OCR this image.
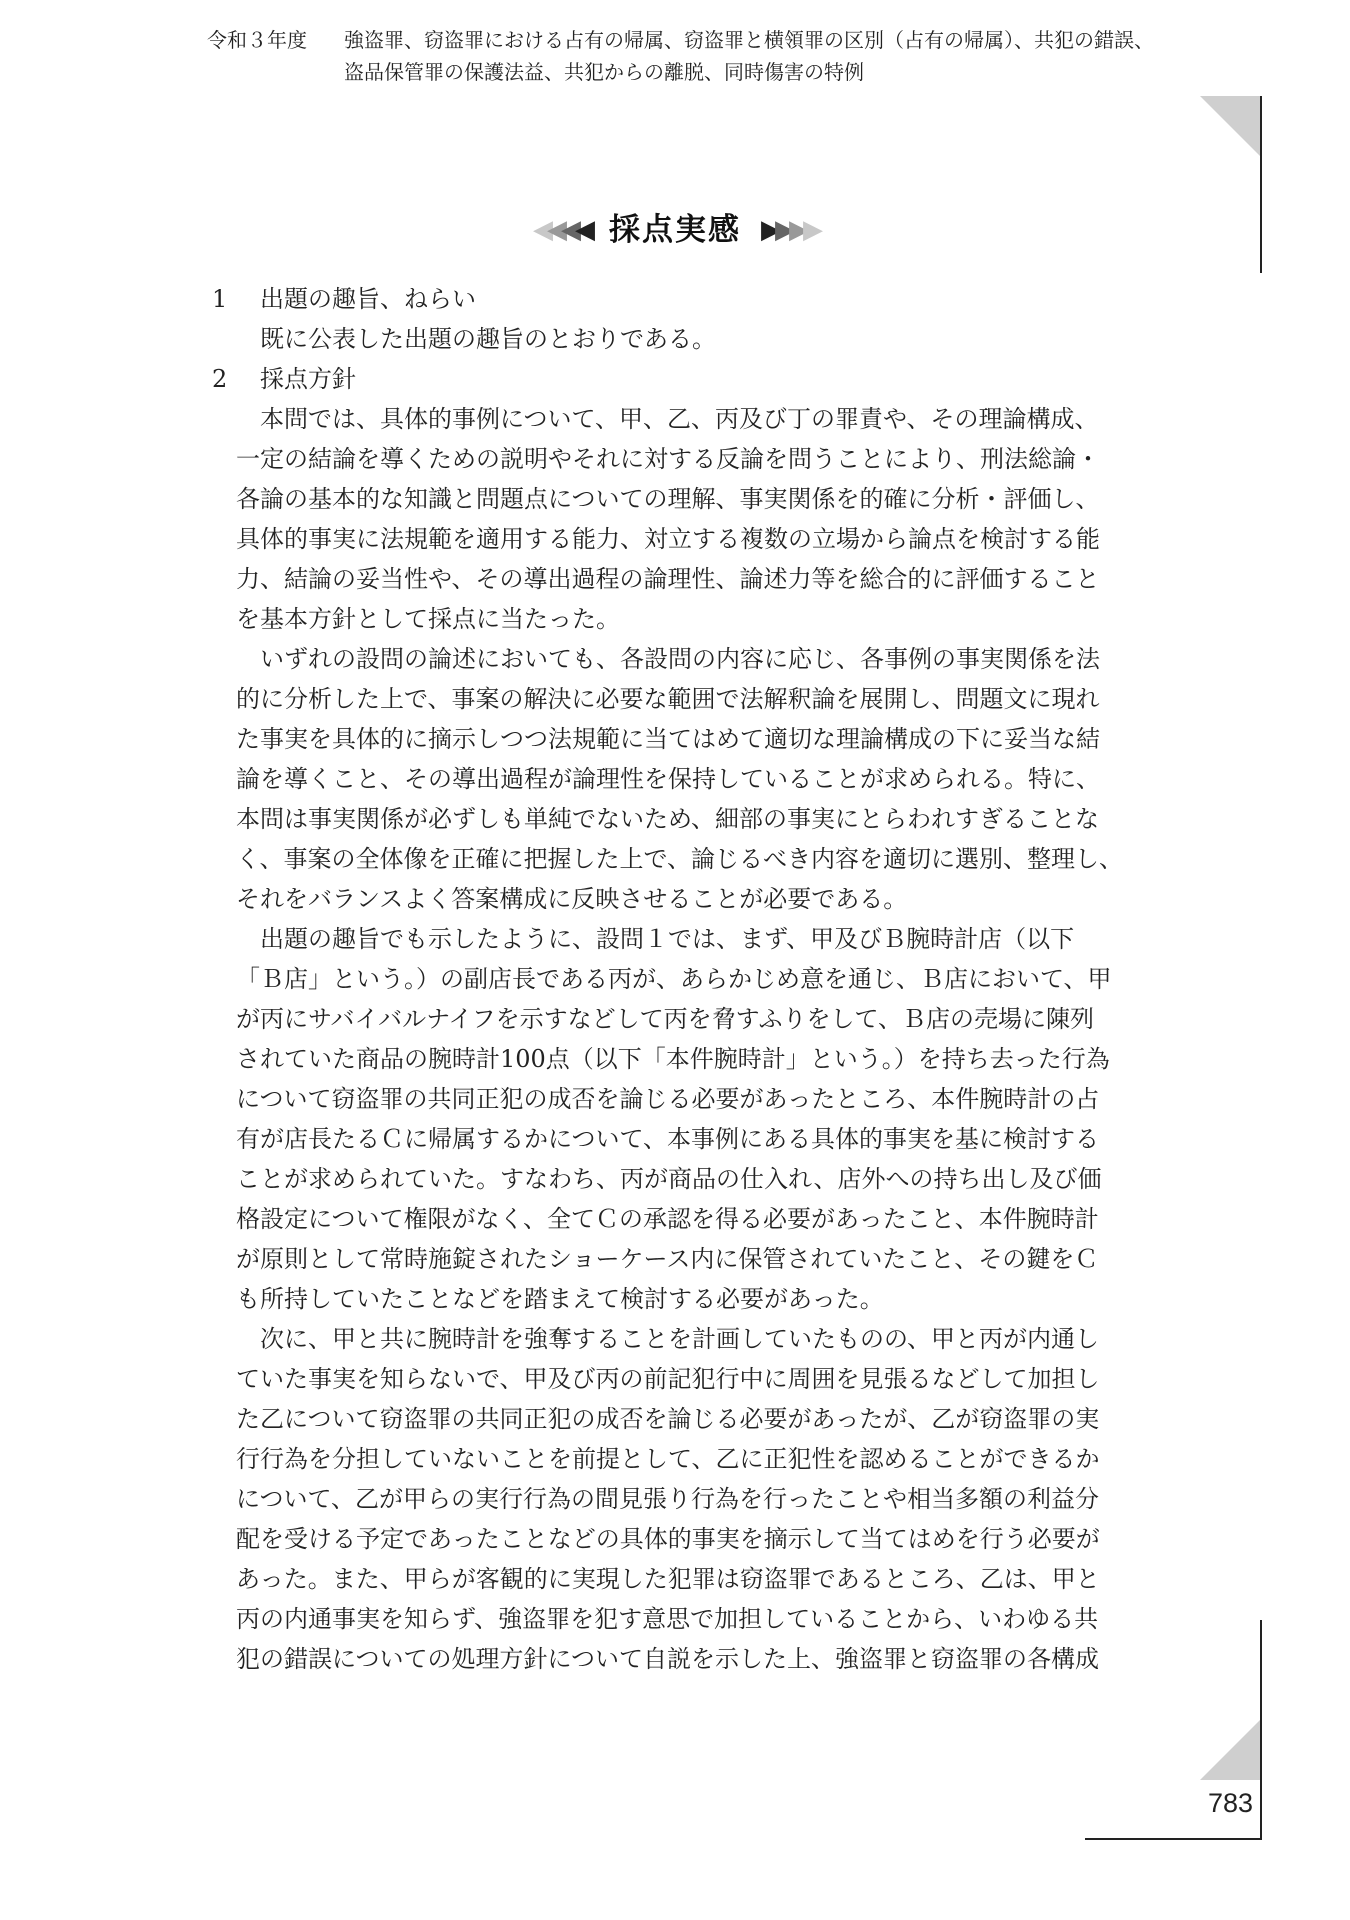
令和３年度 強盗罪、窃盗罪における占有の帰属、窃盗罪と横領罪の区別（占有の帰属）、共犯の錯誤、
盗品保管罪の保護法益、共犯からの離脱、同時傷害の特例
◀◀◀◀ 採点実感 ▶▶▶▶
1 出題の趣旨、ねらい
既に公表した出題の趣旨のとおりである。
2 採点方針
本問では、具体的事例について、甲、乙、丙及び丁の罪責や、その理論構成、
一定の結論を導くための説明やそれに対する反論を問うことにより、刑法総論・
各論の基本的な知識と問題点についての理解、事実関係を的確に分析・評価し、
具体的事実に法規範を適用する能力、対立する複数の立場から論点を検討する能
力、結論の妥当性や、その導出過程の論理性、論述力等を総合的に評価すること
を基本方針として採点に当たった。
いずれの設問の論述においても、各設問の内容に応じ、各事例の事実関係を法
的に分析した上で、事案の解決に必要な範囲で法解釈論を展開し、問題文に現れ
た事実を具体的に摘示しつつ法規範に当てはめて適切な理論構成の下に妥当な結
論を導くこと、その導出過程が論理性を保持していることが求められる。特に、
本問は事実関係が必ずしも単純でないため、細部の事実にとらわれすぎることな
く、事案の全体像を正確に把握した上で、論じるべき内容を適切に選別、整理し、
それをバランスよく答案構成に反映させることが必要である。
出題の趣旨でも示したように、設問１では、まず、甲及びＢ腕時計店（以下
「Ｂ店」という。）の副店長である丙が、あらかじめ意を通じ、Ｂ店において、甲
が丙にサバイバルナイフを示すなどして丙を脅すふりをして、Ｂ店の売場に陳列
されていた商品の腕時計100点（以下「本件腕時計」という。）を持ち去った行為
について窃盗罪の共同正犯の成否を論じる必要があったところ、本件腕時計の占
有が店長たるＣに帰属するかについて、本事例にある具体的事実を基に検討する
ことが求められていた。すなわち、丙が商品の仕入れ、店外への持ち出し及び価
格設定について権限がなく、全てＣの承認を得る必要があったこと、本件腕時計
が原則として常時施錠されたショーケース内に保管されていたこと、その鍵をＣ
も所持していたことなどを踏まえて検討する必要があった。
次に、甲と共に腕時計を強奪することを計画していたものの、甲と丙が内通し
ていた事実を知らないで、甲及び丙の前記犯行中に周囲を見張るなどして加担し
た乙について窃盗罪の共同正犯の成否を論じる必要があったが、乙が窃盗罪の実
行行為を分担していないことを前提として、乙に正犯性を認めることができるか
について、乙が甲らの実行行為の間見張り行為を行ったことや相当多額の利益分
配を受ける予定であったことなどの具体的事実を摘示して当てはめを行う必要が
あった。また、甲らが客観的に実現した犯罪は窃盗罪であるところ、乙は、甲と
丙の内通事実を知らず、強盗罪を犯す意思で加担していることから、いわゆる共
犯の錯誤についての処理方針について自説を示した上、強盗罪と窃盗罪の各構成
783
